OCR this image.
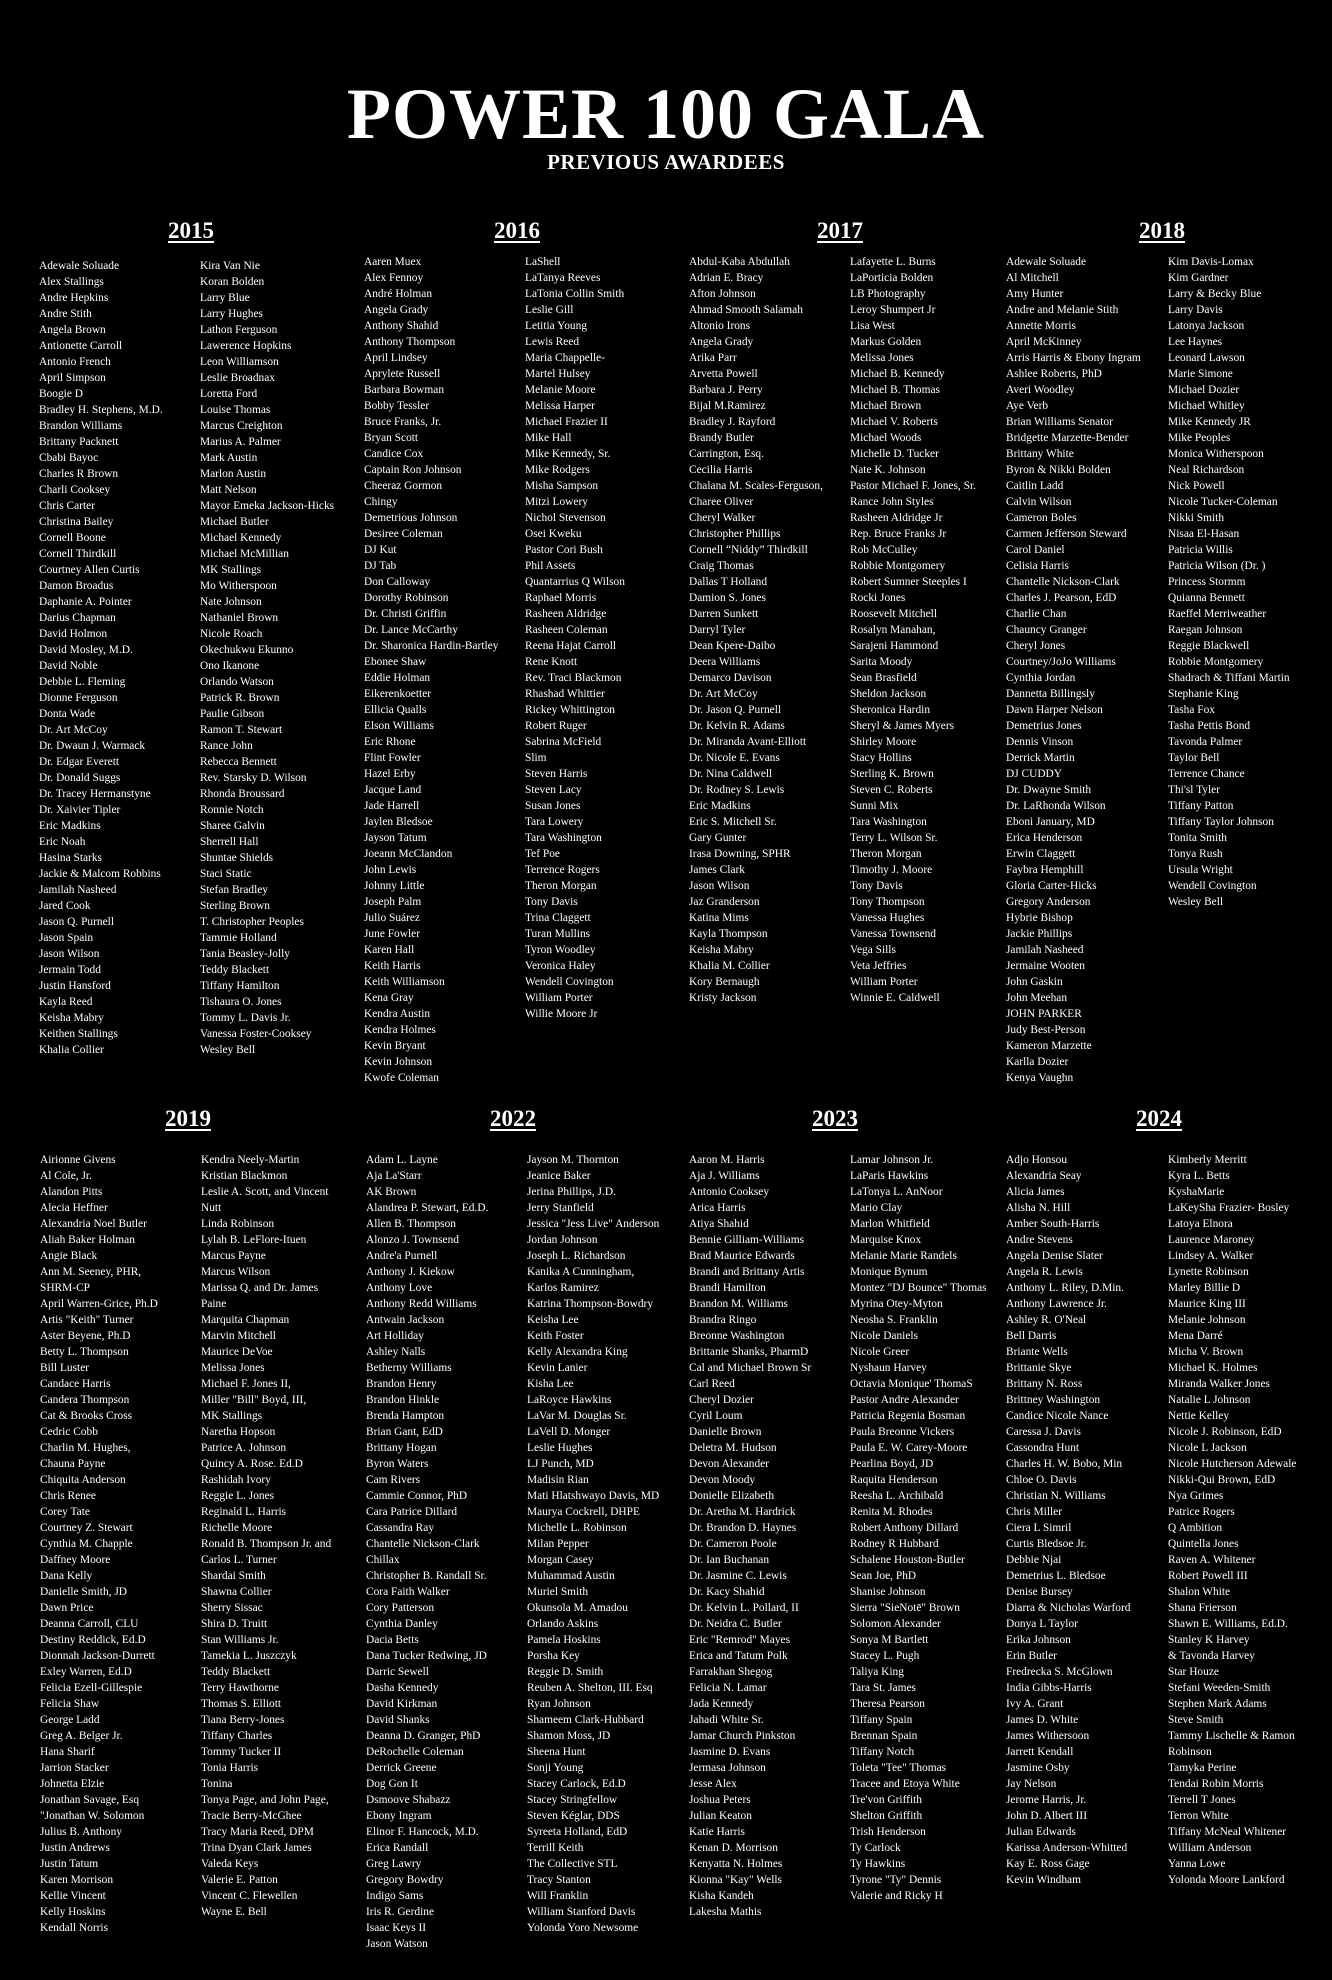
POWER 100 GALA
PREVIOUS AWARDEES
2015
Adewale Soluade
Alex Stallings
Andre Hepkins
Andre Stith
Angela Brown
Antionette Carroll
Antonio French
April Simpson
Boogie D
Bradley H. Stephens, M.D.
Brandon Williams
Brittany Packnett
Cbabi Bayoc
Charles R Brown
Charli Cooksey
Chris Carter
Christina Bailey
Cornell Boone
Cornell Thirdkill
Courtney Allen Curtis
Damon Broadus
Daphanie A. Pointer
Darius Chapman
David Holmon
David Mosley, M.D.
David Noble
Debbie L. Fleming
Dionne Ferguson
Donta Wade
Dr. Art McCoy
Dr. Dwaun J. Warmack
Dr. Edgar Everett
Dr. Donald Suggs
Dr. Tracey Hermanstyne
Dr. Xaivier Tipler
Eric Madkins
Eric Noah
Hasina Starks
Jackie & Malcom Robbins
Jamilah Nasheed
Jared Cook
Jason Q. Purnell
Jason Spain
Jason Wilson
Jermain Todd
Justin Hansford
Kayla Reed
Keisha Mabry
Keithen Stallings
Khalia Collier
Kira Van Nie
Koran Bolden
Larry Blue
Larry Hughes
Lathon Ferguson
Lawerence Hopkins
Leon Williamson
Leslie Broadnax
Loretta Ford
Louise Thomas
Marcus Creighton
Marius A. Palmer
Mark Austin
Marlon Austin
Matt Nelson
Mayor Emeka Jackson-Hicks
Michael Butler
Michael Kennedy
Michael McMillian
MK Stallings
Mo Witherspoon
Nate Johnson
Nathaniel Brown
Nicole Roach
Okechukwu Ekunno
Ono Ikanone
Orlando Watson
Patrick R. Brown
Paulie Gibson
Ramon T. Stewart
Rance John
Rebecca Bennett
Rev. Starsky D. Wilson
Rhonda Broussard
Ronnie Notch
Sharee Galvin
Sherrell Hall
Shuntae Shields
Staci Static
Stefan Bradley
Sterling Brown
T. Christopher Peoples
Tammie Holland
Tania Beasley-Jolly
Teddy Blackett
Tiffany Hamilton
Tishaura O. Jones
Tommy L. Davis Jr.
Vanessa Foster-Cooksey
Wesley Bell
2016
Aaren Muex
Alex Fennoy
André Holman
Angela Grady
Anthony Shahid
Anthony Thompson
April Lindsey
Aprylete Russell
Barbara Bowman
Bobby Tessler
Bruce Franks, Jr.
Bryan Scott
Candice Cox
Captain Ron Johnson
Cheeraz Gormon
Chingy
Demetrious Johnson
Desiree Coleman
DJ Kut
DJ Tab
Don Calloway
Dorothy Robinson
Dr. Christi Griffin
Dr. Lance McCarthy
Dr. Sharonica Hardin-Bartley
Ebonee Shaw
Eddie Holman
Eikerenkoetter
Ellicia Qualls
Elson Williams
Eric Rhone
Flint Fowler
Hazel Erby
Jacque Land
Jade Harrell
Jaylen Bledsoe
Jayson Tatum
Joeann McClandon
John Lewis
Johnny Little
Joseph Palm
Julio Suárez
June Fowler
Karen Hall
Keith Harris
Keith Williamson
Kena Gray
Kendra Austin
Kendra Holmes
Kevin Bryant
Kevin Johnson
Kwofe Coleman
LaShell
LaTanya Reeves
LaTonia Collin Smith
Leslie Gill
Letitia Young
Lewis Reed
Maria Chappelle-
Martel Hulsey
Melanie Moore
Melissa Harper
Michael Frazier II
Mike Hall
Mike Kennedy, Sr.
Mike Rodgers
Misha Sampson
Mitzi Lowery
Nichol Stevenson
Osei Kweku
Pastor Cori Bush
Phil Assets
Quantarrius Q Wilson
Raphael Morris
Rasheen Aldridge
Rasheen Coleman
Reena Hajat Carroll
Rene Knott
Rev. Traci Blackmon
Rhashad Whittier
Rickey Whittington
Robert Ruger
Sabrina McField
Slim
Steven Harris
Steven Lacy
Susan Jones
Tara Lowery
Tara Washington
Tef Poe
Terrence Rogers
Theron Morgan
Tony Davis
Trina Claggett
Turan Mullins
Tyron Woodley
Veronica Haley
Wendell Covington
William Porter
Willie Moore Jr
2017
Abdul-Kaba Abdullah
Adrian E. Bracy
Afton Johnson
Ahmad Smooth Salamah
Altonio Irons
Angela Grady
Arika Parr
Arvetta Powell
Barbara J. Perry
Bijal M.Ramirez
Bradley J. Rayford
Brandy Butler
Carrington, Esq.
Cecilia Harris
Chalana M. Scales-Ferguson,
Charee Oliver
Cheryl Walker
Christopher Phillips
Cornell “Niddy” Thirdkill
Craig Thomas
Dallas T Holland
Damion S. Jones
Darren Sunkett
Darryl Tyler
Dean Kpere-Daibo
Deera Williams
Demarco Davison
Dr. Art McCoy
Dr. Jason Q. Purnell
Dr. Kelvin R. Adams
Dr. Miranda Avant-Elliott
Dr. Nicole E. Evans
Dr. Nina Caldwell
Dr. Rodney S. Lewis
Eric Madkins
Eric S. Mitchell Sr.
Gary Gunter
Irasa Downing, SPHR
James Clark
Jason Wilson
Jaz Granderson
Katina Mims
Kayla Thompson
Keisha Mabry
Khalia M. Collier
Kory Bernaugh
Kristy Jackson
Lafayette L. Burns
LaPorticia Bolden
LB Photography
Leroy Shumpert Jr
Lisa West
Markus Golden
Melissa Jones
Michael B. Kennedy
Michael B. Thomas
Michael Brown
Michael V. Roberts
Michael Woods
Michelle D. Tucker
Nate K. Johnson
Pastor Michael F. Jones, Sr.
Rance John Styles
Rasheen Aldridge Jr
Rep. Bruce Franks Jr
Rob McCulley
Robbie Montgomery
Robert Sumner Steeples I
Rocki Jones
Roosevelt Mitchell
Rosalyn Manahan,
Sarajeni Hammond
Sarita Moody
Sean Brasfield
Sheldon Jackson
Sheronica Hardin
Sheryl & James Myers
Shirley Moore
Stacy Hollins
Sterling K. Brown
Steven C. Roberts
Sunni Mix
Tara Washington
Terry L. Wilson Sr.
Theron Morgan
Timothy J. Moore
Tony Davis
Tony Thompson
Vanessa Hughes
Vanessa Townsend
Vega Sills
Veta Jeffries
William Porter
Winnie E. Caldwell
2018
Adewale Soluade
Al Mitchell
Amy Hunter
Andre and Melanie Stith
Annette Morris
April McKinney
Arris Harris & Ebony Ingram
Ashlee Roberts, PhD
Averi Woodley
Aye Verb
Brian Williams Senator
Bridgette Marzette-Bender
Brittany White
Byron & Nikki Bolden
Caitlin Ladd
Calvin Wilson
Cameron Boles
Carmen Jefferson Steward
Carol Daniel
Celisia Harris
Chantelle Nickson-Clark
Charles J. Pearson, EdD
Charlie Chan
Chauncy Granger
Cheryl Jones
Courtney/JoJo Williams
Cynthia Jordan
Dannetta Billingsly
Dawn Harper Nelson
Demetrius Jones
Dennis Vinson
Derrick Martin
DJ CUDDY
Dr. Dwayne Smith
Dr. LaRhonda Wilson
Eboni January, MD
Erica Henderson
Erwin Claggett
Faybra Hemphill
Gloria Carter-Hicks
Gregory Anderson
Hybrie Bishop
Jackie Phillips
Jamilah Nasheed
Jermaine Wooten
John Gaskin
John Meehan
JOHN PARKER
Judy Best-Person
Kameron Marzette
Karlla Dozier
Kenya Vaughn
Kim Davis-Lomax
Kim Gardner
Larry & Becky Blue
Larry Davis
Latonya Jackson
Lee Haynes
Leonard Lawson
Marie Simone
Michael Dozier
Michael Whitley
Mike Kennedy JR
Mike Peoples
Monica Witherspoon
Neal Richardson
Nick Powell
Nicole Tucker-Coleman
Nikki Smith
Nisaa El-Hasan
Patricia Willis
Patricia Wilson (Dr. )
Princess Stormm
Quianna Bennett
Raeffel Merriweather
Raegan Johnson
Reggie Blackwell
Robbie Montgomery
Shadrach & Tiffani Martin
Stephanie King
Tasha Fox
Tasha Pettis Bond
Tavonda Palmer
Taylor Bell
Terrence Chance
Thi'sl Tyler
Tiffany Patton
Tiffany Taylor Johnson
Tonita Smith
Tonya Rush
Ursula Wright
Wendell Covington
Wesley Bell
2019
Airionne Givens
Al Cole, Jr.
Alandon Pitts
Alecia Heffner
Alexandria Noel Butler
Aliah Baker Holman
Angie Black
Ann M. Seeney, PHR,
SHRM-CP
April Warren-Grice, Ph.D
Artis "Keith" Turner
Aster Beyene, Ph.D
Betty L. Thompson
Bill Luster
Candace Harris
Candera Thompson
Cat & Brooks Cross
Cedric Cobb
Charlin M. Hughes,
Chauna Payne
Chiquita Anderson
Chris Renee
Corey Tate
Courtney Z. Stewart
Cynthia M. Chapple
Daffney Moore
Dana Kelly
Danielle Smith, JD
Dawn Price
Deanna Carroll, CLU
Destiny Reddick, Ed.D
Dionnah Jackson-Durrett
Exley Warren, Ed.D
Felicia Ezell-Gillespie
Felicia Shaw
George Ladd
Greg A. Belger Jr.
Hana Sharif
Jarrion Stacker
Johnetta Elzie
Jonathan Savage, Esq
"Jonathan W. Solomon
Julius B. Anthony
Justin Andrews
Justin Tatum
Karen Morrison
Kellie Vincent
Kelly Hoskins
Kendall Norris
Kendra Neely-Martin
Kristian Blackmon
Leslie A. Scott, and Vincent
Nutt
Linda Robinson
Lylah B. LeFlore-Ituen
Marcus Payne
Marcus Wilson
Marissa Q. and Dr. James
Paine
Marquita Chapman
Marvin Mitchell
Maurice DeVoe
Melissa Jones
Michael F. Jones II,
Miller "Bill" Boyd, III,
MK Stallings
Naretha Hopson
Patrice A. Johnson
Quincy A. Rose. Ed.D
Rashidah Ivory
Reggie L. Jones
Reginald L. Harris
Richelle Moore
Ronald B. Thompson Jr. and
Carlos L. Turner
Shardai Smith
Shawna Collier
Sherry Sissac
Shira D. Truitt
Stan Williams Jr.
Tamekia L. Juszczyk
Teddy Blackett
Terry Hawthorne
Thomas S. Elliott
Tiana Berry-Jones
Tiffany Charles
Tommy Tucker II
Tonia Harris
Tonina
Tonya Page, and John Page,
Tracie Berry-McGhee
Tracy Maria Reed, DPM
Trina Dyan Clark James
Valeda Keys
Valerie E. Patton
Vincent C. Flewellen
Wayne E. Bell
2022
Adam L. Layne
Aja La'Starr
AK Brown
Alandrea P. Stewart, Ed.D.
Allen B. Thompson
Alonzo J. Townsend
Andre'a Purnell
Anthony J. Kiekow
Anthony Love
Anthony Redd Williams
Antwain Jackson
Art Holliday
Ashley Nalls
Betherny Williams
Brandon Henry
Brandon Hinkle
Brenda Hampton
Brian Gant, EdD
Brittany Hogan
Byron Waters
Cam Rivers
Cammie Connor, PhD
Cara Patrice Dillard
Cassandra Ray
Chantelle Nickson-Clark
Chillax
Christopher B. Randall Sr.
Cora Faith Walker
Cory Patterson
Cynthia Danley
Dacia Betts
Dana Tucker Redwing, JD
Darric Sewell
Dasha Kennedy
David Kirkman
David Shanks
Deanna D. Granger, PhD
DeRochelle Coleman
Derrick Greene
Dog Gon It
Dsmoove Shabazz
Ebony Ingram
Elinor F. Hancock, M.D.
Erica Randall
Greg Lawry
Gregory Bowdry
Indigo Sams
Iris R. Gerdine
Isaac Keys II
Jason Watson
Jayson M. Thornton
Jeanice Baker
Jerina Phillips, J.D.
Jerry Stanfield
Jessica "Jess Live" Anderson
Jordan Johnson
Joseph L. Richardson
Kanika A Cunningham,
Karlos Ramirez
Katrina Thompson-Bowdry
Keisha Lee
Keith Foster
Kelly Alexandra King
Kevin Lanier
Kisha Lee
LaRoyce Hawkins
LaVar M. Douglas Sr.
LaVell D. Monger
Leslie Hughes
LJ Punch, MD
Madisin Rian
Mati Hlatshwayo Davis, MD
Maurya Cockrell, DHPE
Michelle L. Robinson
Milan Pepper
Morgan Casey
Muhammad Austin
Muriel Smith
Okunsola M. Amadou
Orlando Askins
Pamela Hoskins
Porsha Key
Reggie D. Smith
Reuben A. Shelton, III. Esq
Ryan Johnson
Shameem Clark-Hubbard
Shamon Moss, JD
Sheena Hunt
Sonji Young
Stacey Carlock, Ed.D
Stacey Stringfellow
Steven Kéglar, DDS
Syreeta Holland, EdD
Terrill Keith
The Collective STL
Tracy Stanton
Will Franklin
William Stanford Davis
Yolonda Yoro Newsome
2023
Aaron M. Harris
Aja J. Williams
Antonio Cooksey
Arica Harris
Atiya Shahid
Bennie Gilliam-Williams
Brad Maurice Edwards
Brandi and Brittany Artis
Brandi Hamilton
Brandon M. Williams
Brandra Ringo
Breonne Washington
Brittanie Shanks, PharmD
Cal and Michael Brown Sr
Carl Reed
Cheryl Dozier
Cyril Loum
Danielle Brown
Deletra M. Hudson
Devon Alexander
Devon Moody
Donielle Elizabeth
Dr. Aretha M. Hardrick
Dr. Brandon D. Haynes
Dr. Cameron Poole
Dr. Ian Buchanan
Dr. Jasmine C. Lewis
Dr. Kacy Shahid
Dr. Kelvin L. Pollard, II
Dr. Neidra C. Butler
Eric "Remrod" Mayes
Erica and Tatum Polk
Farrakhan Shegog
Felicia N. Lamar
Jada Kennedy
Jahadi White Sr.
Jamar Church Pinkston
Jasmine D. Evans
Jermasa Johnson
Jesse Alex
Joshua Peters
Julian Keaton
Katie Harris
Kenan D. Morrison
Kenyatta N. Holmes
Kionna "Kay" Wells
Kisha Kandeh
Lakesha Mathis
Lamar Johnson Jr.
LaParis Hawkins
LaTonya L. AnNoor
Mario Clay
Marlon Whitfield
Marquise Knox
Melanie Marie Randels
Monique Bynum
Montez "DJ Bounce" Thomas
Myrina Otey-Myton
Neosha S. Franklin
Nicole Daniels
Nicole Greer
Nyshaun Harvey
Octavia Monique' ThomaS
Pastor Andre Alexander
Patricia Regenia Bosman
Paula Breonne Vickers
Paula E. W. Carey-Moore
Pearlina Boyd, JD
Raquita Henderson
Reesha L. Archibald
Renita M. Rhodes
Robert Anthony Dillard
Rodney R Hubbard
Schalene Houston-Butler
Sean Joe, PhD
Shanise Johnson
Sierra "SieNotē" Brown
Solomon Alexander
Sonya M Bartlett
Stacey L. Pugh
Taliya King
Tara St. James
Theresa Pearson
Tiffany Spain
Brennan Spain
Tiffany Notch
Toleta "Tee" Thomas
Tracee and Etoya White
Tre'von Griffith
Shelton Griffith
Trish Henderson
Ty Carlock
Ty Hawkins
Tyrone "Ty" Dennis
Valerie and Ricky H
2024
Adjo Honsou
Alexandria Seay
Alicia James
Alisha N. Hill
Amber South-Harris
Andre Stevens
Angela Denise Slater
Angela R. Lewis
Anthony L. Riley, D.Min.
Anthony Lawrence Jr.
Ashley R. O'Neal
Bell Darris
Briante Wells
Brittanie Skye
Brittany N. Ross
Brittney Washington
Candice Nicole Nance
Caressa J. Davis
Cassondra Hunt
Charles H. W. Bobo, Min
Chloe O. Davis
Christian N. Williams
Chris Miller
Ciera L Simril
Curtis Bledsoe Jr.
Debbie Njai
Demetrius L. Bledsoe
Denise Bursey
Diarra & Nicholas Warford
Donya L Taylor
Erika Johnson
Erin Butler
Fredrecka S. McGlown
India Gibbs-Harris
Ivy A. Grant
James D. White
James Withersoon
Jarrett Kendall
Jasmine Osby
Jay Nelson
Jerome Harris, Jr.
John D. Albert III
Julian Edwards
Karissa Anderson-Whitted
Kay E. Ross Gage
Kevin Windham
Kimberly Merritt
Kyra L. Betts
KyshaMarie
LaKeySha Frazier- Bosley
Latoya Elnora
Laurence Maroney
Lindsey A. Walker
Lynette Robinson
Marley Billie D
Maurice King III
Melanie Johnson
Mena Darré
Micha V. Brown
Michael K. Holmes
Miranda Walker Jones
Natalie L Johnson
Nettie Kelley
Nicole J. Robinson, EdD
Nicole L Jackson
Nicole Hutcherson Adewale
Nikki-Qui Brown, EdD
Nya Grimes
Patrice Rogers
Q Ambition
Quintella Jones
Raven A. Whitener
Robert Powell III
Shalon White
Shana Frierson
Shawn E. Williams, Ed.D.
Stanley K Harvey
& Tavonda Harvey
Star Houze
Stefani Weeden-Smith
Stephen Mark Adams
Steve Smith
Tammy Lischelle & Ramon
Robinson
Tamyka Perine
Tendai Robin Morris
Terrell T Jones
Terron White
Tiffany McNeal Whitener
William Anderson
Yanna Lowe
Yolonda Moore Lankford
